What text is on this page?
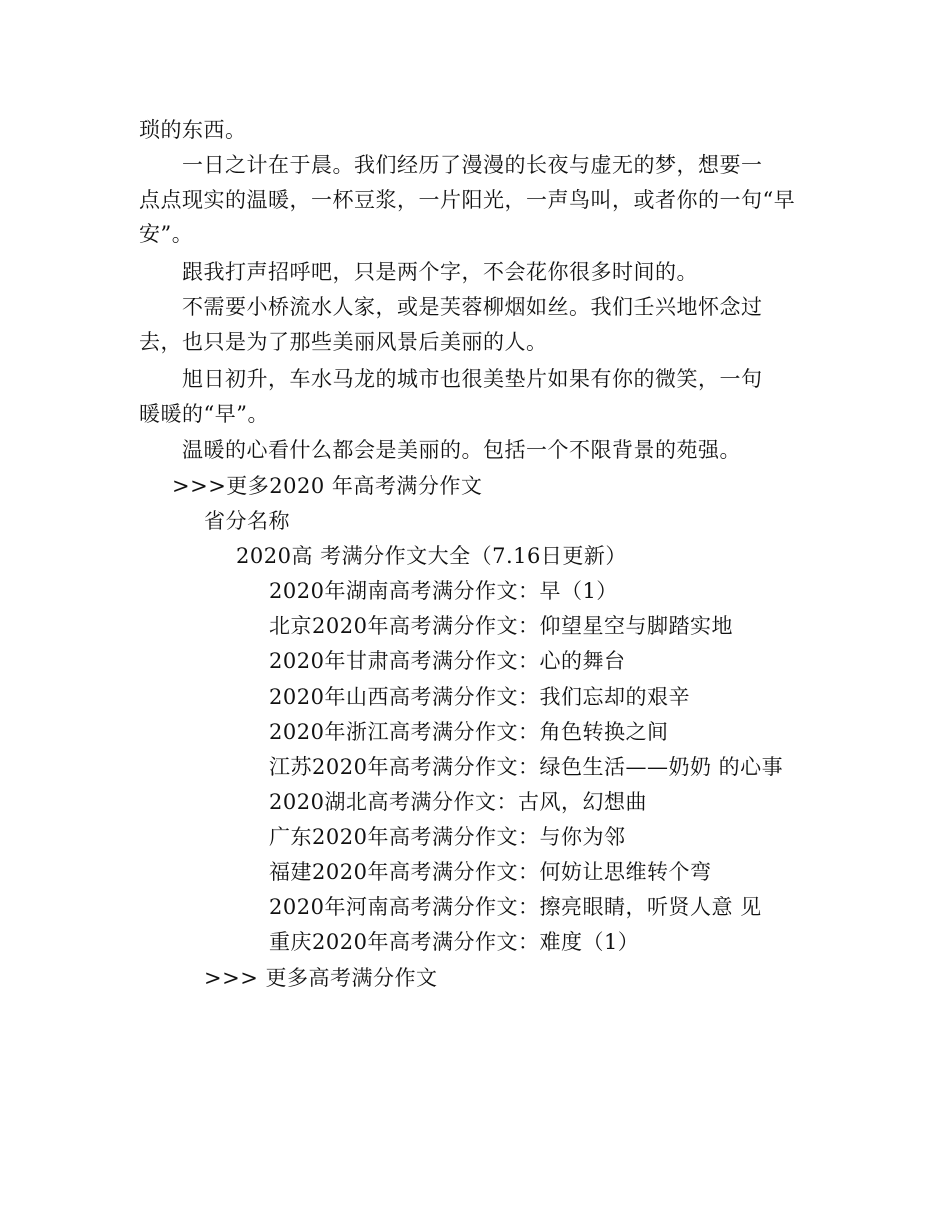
琐的东西。
　　一日之计在于晨。我们经历了漫漫的长夜与虚无的梦，想要一
点点现实的温暖，一杯豆浆，一片阳光，一声鸟叫，或者你的一句“早
安”。
　　跟我打声招呼吧，只是两个字，不会花你很多时间的。
　　不需要小桥流水人家，或是芙蓉柳烟如丝。我们壬兴地怀念过
去，也只是为了那些美丽风景后美丽的人。
　　旭日初升，车水马龙的城市也很美垫片如果有你的微笑，一句
暖暖的“早”。
　　温暖的心看什么都会是美丽的。包括一个不限背景的苑强。
>>>更多2020 年高考满分作文
省分名称
2020高 考满分作文大全（7.16日更新）
2020年湖南高考满分作文：早（1）
北京2020年高考满分作文：仰望星空与脚踏实地
2020年甘肃高考满分作文：心的舞台
2020年山西高考满分作文：我们忘却的艰辛
2020年浙江高考满分作文：角色转换之间
江苏2020年高考满分作文：绿色生活——奶奶 的心事
2020湖北高考满分作文：古风，幻想曲
广东2020年高考满分作文：与你为邻
福建2020年高考满分作文：何妨让思维转个弯
2020年河南高考满分作文：擦亮眼睛，听贤人意 见
重庆2020年高考满分作文：难度（1）
>>> 更多高考满分作文
